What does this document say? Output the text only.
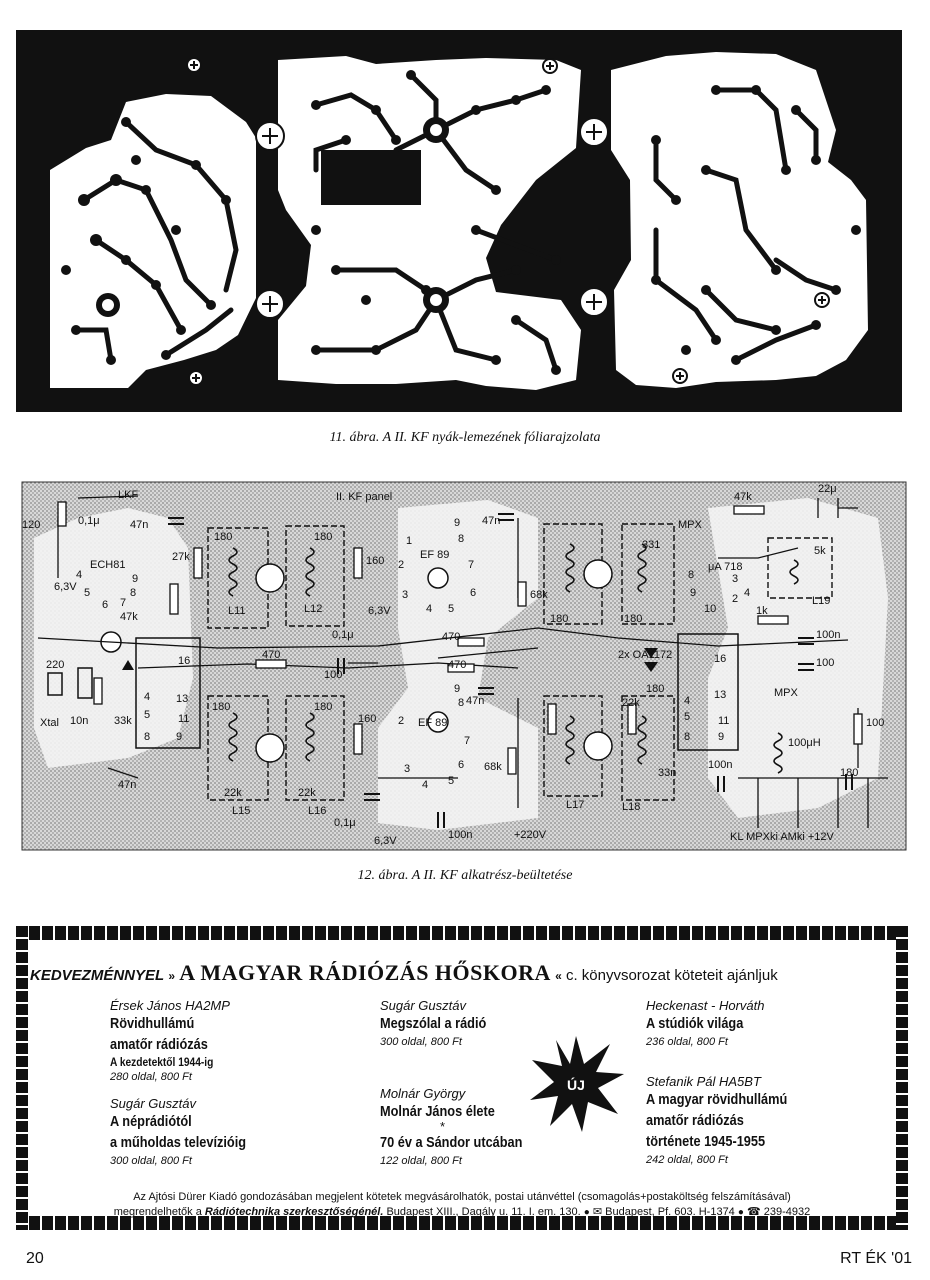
11. ábra. A II. KF nyák-lemezének fóliarajzolata
II. KF panel
LKF
120	0,1μ	47n
ECH81
27k
180	180
160	EF 89
47n
68k
331
MPX
47k
22μ
μA 718
5k
1k
L19
6,3V
47k	L11	L12	6,3V
0,1μ	470
470
470
180	180
100n
100
2x OA1172
220
100
Xtal 10n 33k
47n
47n
EF 89
180	180
160
22k
180	MPX
100
100μH
22k	22k
L15	L16
68k	33n
100n
180
0,1μ
100n	+220V
6,3V
L17	L18
KL MPXki AMki +12V
16	16
13	13
11	11
9
1
2
3
4 5
6
7
8
9
2
3
4 5
6
7
8
8
9
10
2
3
4
9
5
6 7
8
4
4
5
8 9
4
5
8	9
12. ábra. A II. KF alkatrész-beültetése
KEDVEZMÉNNYEL » A MAGYAR RÁDIÓZÁS HŐSKORA « c. könyvsorozat köteteit ajánljuk
Érsek János HA2MP
Rövidhullámú
amatőr rádiózás
A kezdetektől 1944-ig
280 oldal, 800 Ft
Sugár Gusztáv
A néprádiótól
a műholdas televízióig
300 oldal, 800 Ft
Sugár Gusztáv
Megszólal a rádió
300 oldal, 800 Ft
Molnár György
Molnár János élete
*
70 év a Sándor utcában
122 oldal, 800 Ft
ÚJ
Heckenast - Horváth
A stúdiók világa
236 oldal, 800 Ft
Stefanik Pál HA5BT
A magyar rövidhullámú
amatőr rádiózás
története 1945-1955
242 oldal, 800 Ft
Az Ajtósi Dürer Kiadó gondozásában megjelent kötetek megvásárolhatók, postai utánvéttel (csomagolás+postaköltség felszámításával)
megrendelhetők a Rádiótechnika szerkesztőségénél. Budapest XIII., Dagály u. 11. I. em. 130. ● ✉ Budapest, Pf. 603. H-1374 ● ☎ 239-4932
20	RT ÉK '01
